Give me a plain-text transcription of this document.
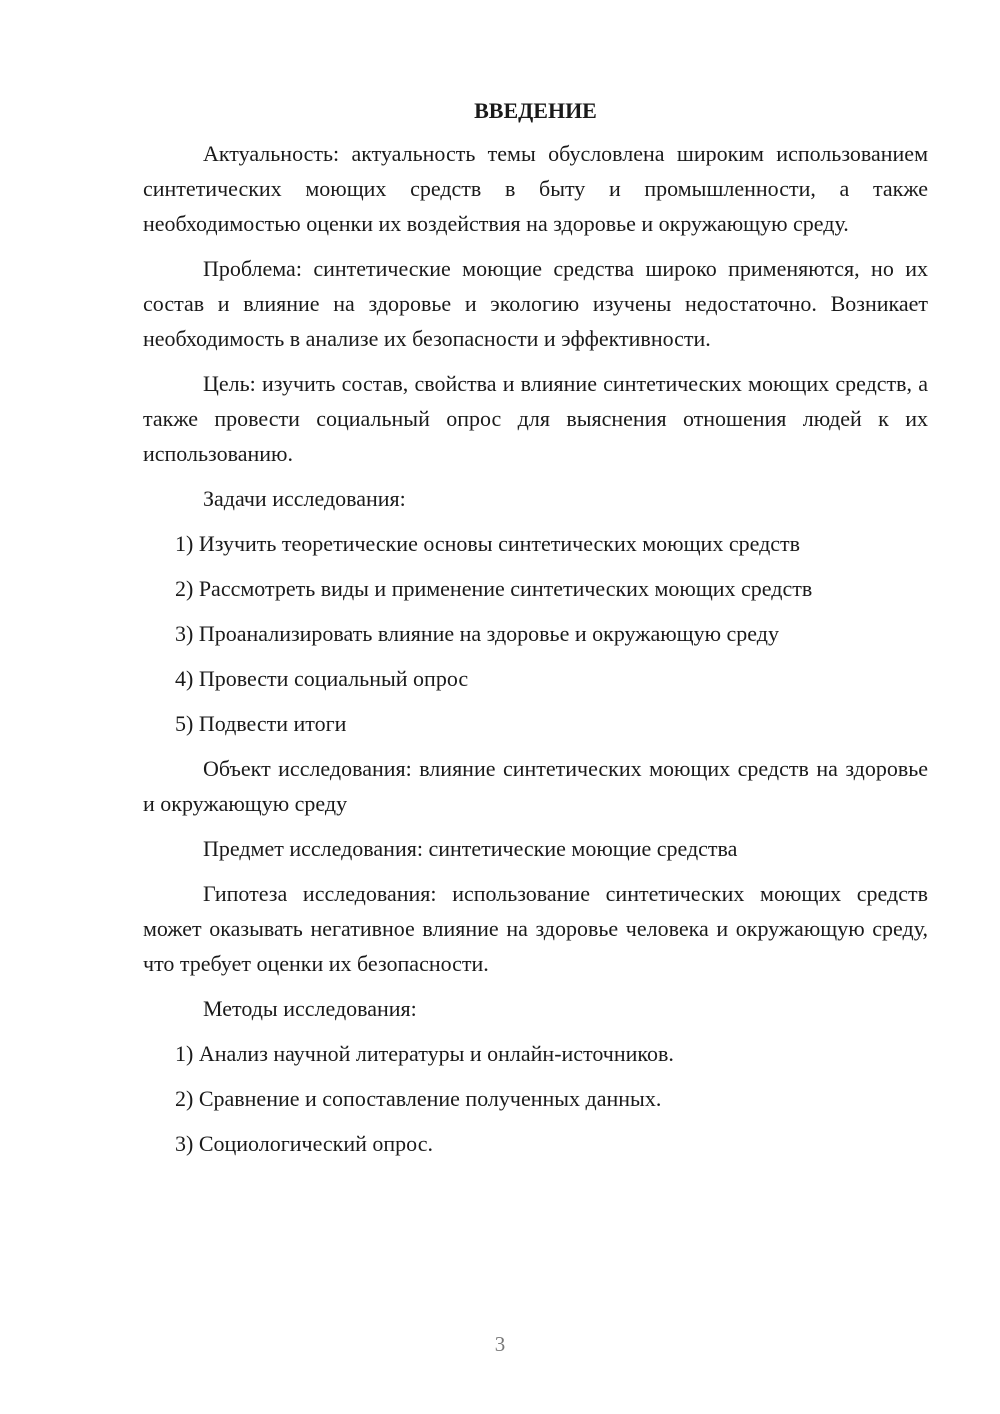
ВВЕДЕНИЕ

Актуальность: актуальность темы обусловлена широким использованием синтетических моющих средств в быту и промышленности, а также необходимостью оценки их воздействия на здоровье и окружающую среду.

Проблема: синтетические моющие средства широко применяются, но их состав и влияние на здоровье и экологию изучены недостаточно. Возникает необходимость в анализе их безопасности и эффективности.

Цель: изучить состав, свойства и влияние синтетических моющих средств, а также провести социальный опрос для выяснения отношения людей к их использованию.

Задачи исследования:

1) Изучить теоретические основы синтетических моющих средств

2) Рассмотреть виды и применение синтетических моющих средств

3) Проанализировать влияние на здоровье и окружающую среду

4) Провести социальный опрос

5) Подвести итоги

Объект исследования: влияние синтетических моющих средств на здоровье и окружающую среду

Предмет исследования: синтетические моющие средства

Гипотеза исследования: использование синтетических моющих средств может оказывать негативное влияние на здоровье человека и окружающую среду, что требует оценки их безопасности.

Методы исследования:

1) Анализ научной литературы и онлайн-источников.

2) Сравнение и сопоставление полученных данных.

3) Социологический опрос.

3
